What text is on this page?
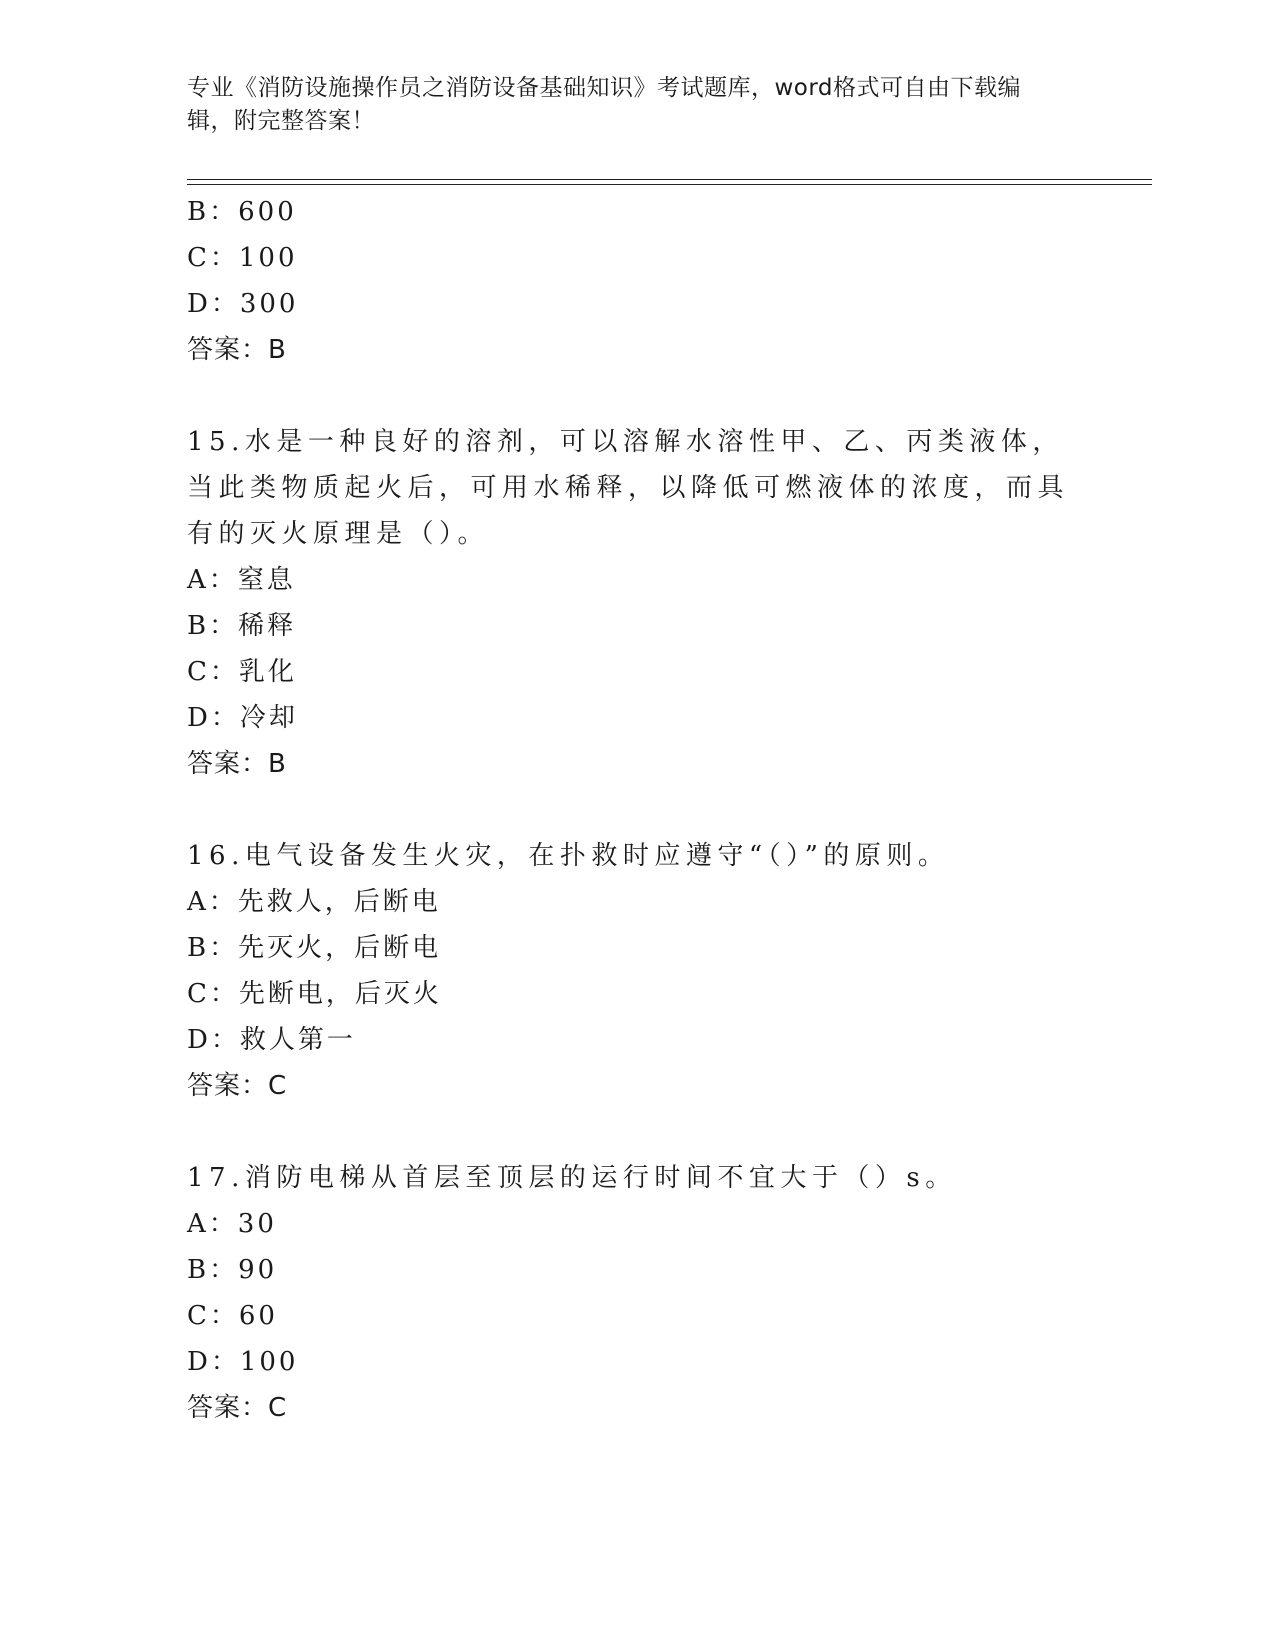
专业《消防设施操作员之消防设备基础知识》考试题库，word格式可自由下载编辑，附完整答案！
B：600
C：100
D：300
答案：B
15.水是一种良好的溶剂，可以溶解水溶性甲、乙、丙类液体，当此类物质起火后，可用水稀释，以降低可燃液体的浓度，而具有的灭火原理是（）。
A：窒息
B：稀释
C：乳化
D：冷却
答案：B
16.电气设备发生火灾，在扑救时应遵守“（）”的原则。
A：先救人，后断电
B：先灭火，后断电
C：先断电，后灭火
D：救人第一
答案：C
17.消防电梯从首层至顶层的运行时间不宜大于（）s。
A：30
B：90
C：60
D：100
答案：C
